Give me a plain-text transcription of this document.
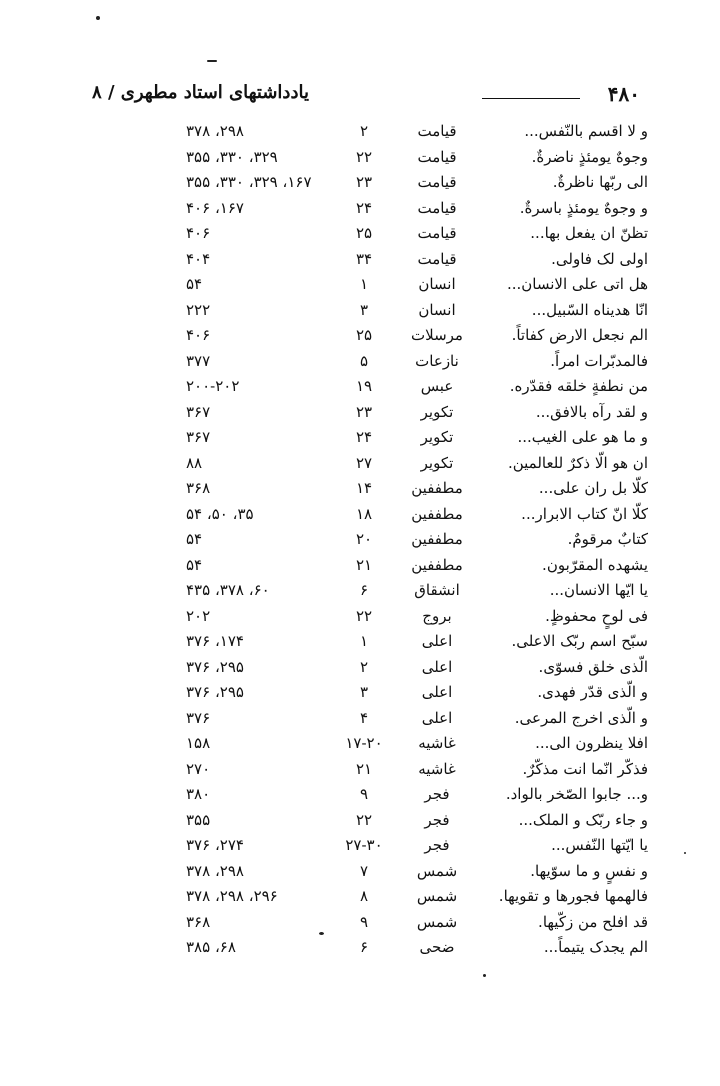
۴۸۰
یادداشتهای استاد مطهری / ۸
و لا اقسم بالنّفس...
قیامت
۲
۲۹۸، ۳۷۸
وجوهٌ یومئذٍ ناضرةٌ.
قیامت
۲۲
۳۲۹، ۳۳۰، ۳۵۵
الی ربّها ناظرةٌ.
قیامت
۲۳
۱۶۷، ۳۲۹، ۳۳۰، ۳۵۵
و وجوهٌ یومئذٍ باسرةٌ.
قیامت
۲۴
۱۶۷، ۴۰۶
تظنّ ان یفعل بها...
قیامت
۲۵
۴۰۶
اولی لک فاولی.
قیامت
۳۴
۴۰۴
هل اتی علی الانسان...
انسان
۱
۵۴
انّا هدیناه السّبیل...
انسان
۳
۲۲۲
الم نجعل الارض کفاتاً.
مرسلات
۲۵
۴۰۶
فالمدبّرات امراً.
نازعات
۵
۳۷۷
من نطفةٍ خلقه فقدّره.
عبس
۱۹
۲۰۰-۲۰۲
و لقد رآه بالافق...
تکویر
۲۳
۳۶۷
و ما هو علی الغیب...
تکویر
۲۴
۳۶۷
ان هو الّا ذکرٌ للعالمین.
تکویر
۲۷
۸۸
کلّا بل ران علی...
مطففین
۱۴
۳۶۸
کلّا انّ کتاب الابرار...
مطففین
۱۸
۳۵، ۵۰، ۵۴
کتابٌ مرقومٌ.
مطففین
۲۰
۵۴
یشهده المقرّبون.
مطففین
۲۱
۵۴
یا ایّها الانسان...
انشقاق
۶
۶۰، ۳۷۸، ۴۳۵
فی لوحٍ محفوظٍ.
بروج
۲۲
۲۰۲
سبّح اسم ربّک الاعلی.
اعلی
۱
۱۷۴، ۳۷۶
الّذی خلق فسوّی.
اعلی
۲
۲۹۵، ۳۷۶
و الّذی قدّر فهدی.
اعلی
۳
۲۹۵، ۳۷۶
و الّذی اخرج المرعی.
اعلی
۴
۳۷۶
افلا ینظرون الی...
غاشیه
۱۷-۲۰
۱۵۸
فذکّر انّما انت مذکّرٌ.
غاشیه
۲۱
۲۷۰
و... جابوا الصّخر بالواد.
فجر
۹
۳۸۰
و جاء ربّک و الملک...
فجر
۲۲
۳۵۵
یا ایّتها النّفس...
فجر
۲۷-۳۰
۲۷۴، ۳۷۶
و نفسٍ و ما سوّیها.
شمس
۷
۲۹۸، ۳۷۸
فالهمها فجورها و تقویها.
شمس
۸
۲۹۶، ۲۹۸، ۳۷۸
قد افلح من زکّیها.
شمس
۹
۳۶۸
الم یجدک یتیماً...
ضحی
۶
۶۸، ۳۸۵
